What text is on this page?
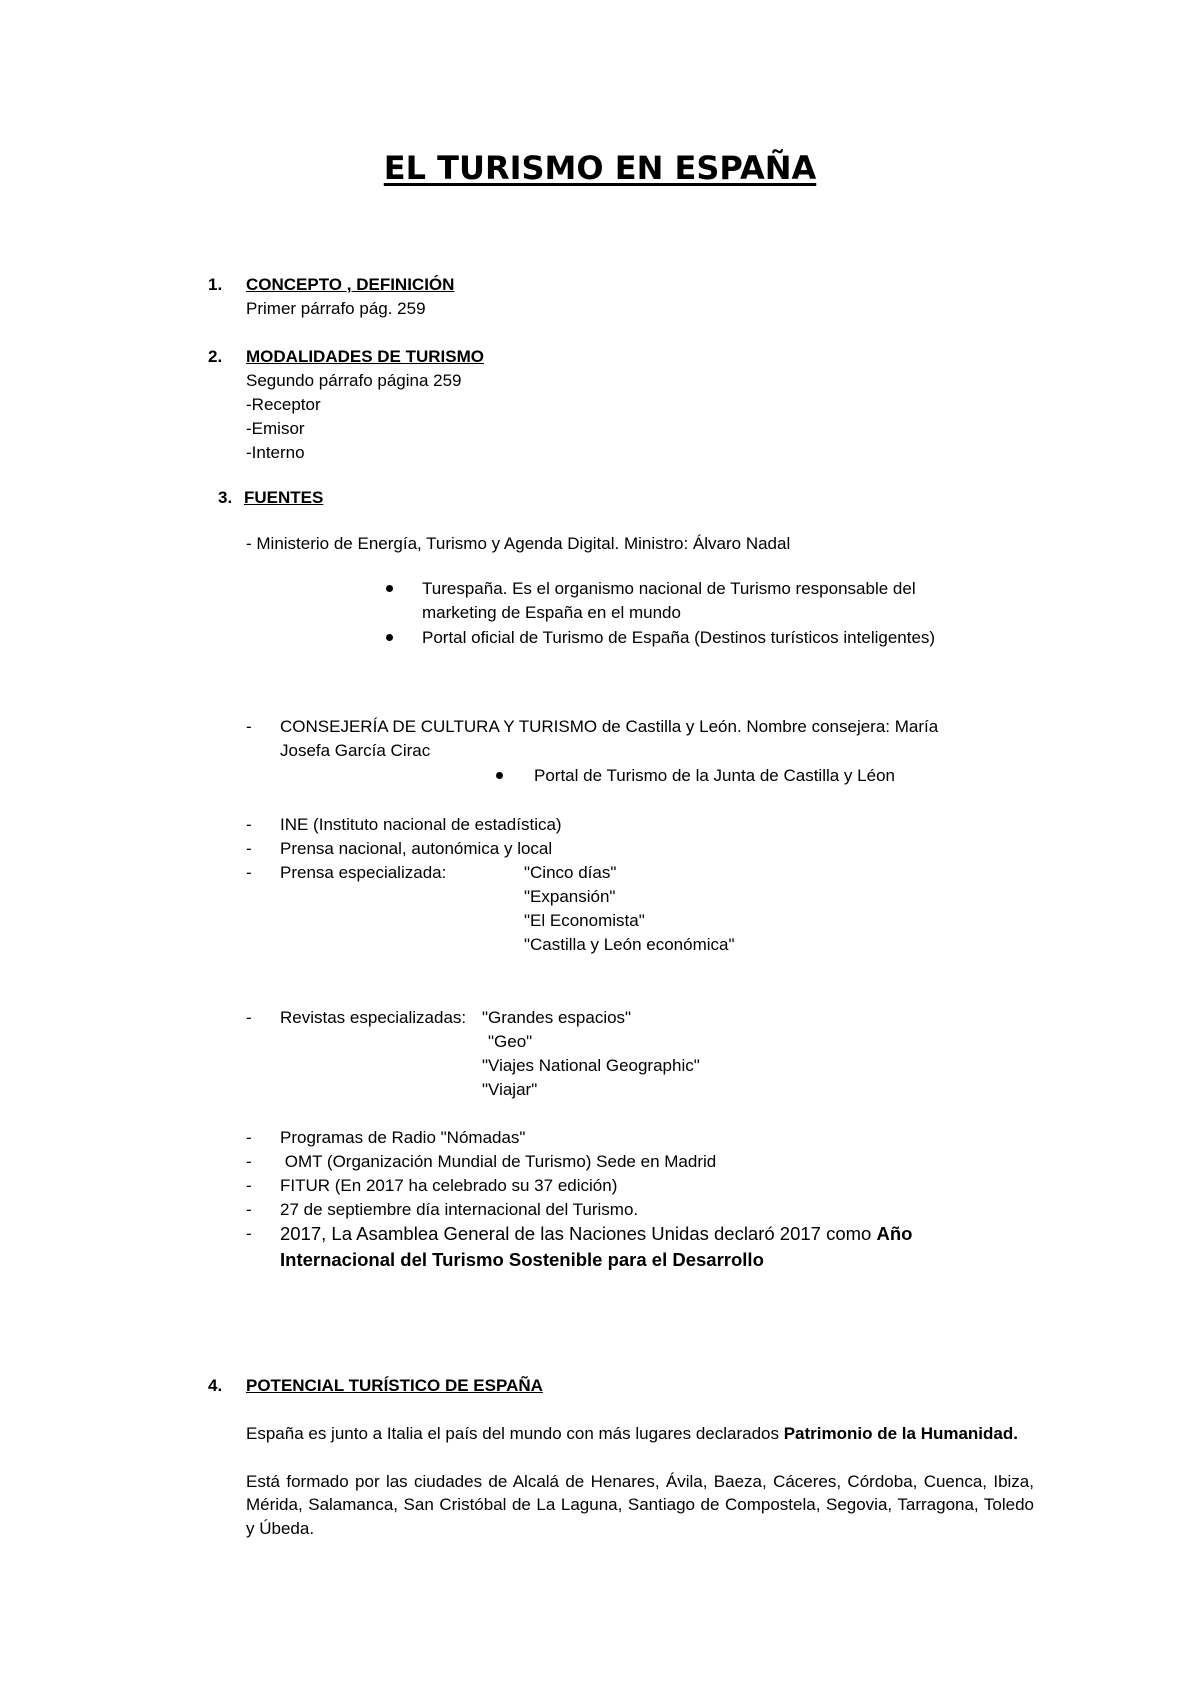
EL TURISMO EN ESPAÑA
1. CONCEPTO , DEFINICIÓN
Primer párrafo pág. 259
2. MODALIDADES DE TURISMO
Segundo párrafo página 259
-Receptor
-Emisor
-Interno
3. FUENTES
- Ministerio de Energía, Turismo y Agenda Digital. Ministro: Álvaro Nadal
Turespaña. Es el organismo nacional de Turismo responsable del
marketing de España en el mundo
Portal oficial de Turismo de España (Destinos turísticos inteligentes)
- CONSEJERÍA DE CULTURA Y TURISMO de Castilla y León. Nombre consejera: María
Josefa García Cirac
Portal de Turismo de la Junta de Castilla y Léon
- INE (Instituto nacional de estadística)
- Prensa nacional, autonómica y local
- Prensa especializada:	"Cinco días"
"Expansión"
"El Economista"
"Castilla y León económica"
- Revistas especializadas: "Grandes espacios"
"Geo"
"Viajes National Geographic"
"Viajar"
- Programas de Radio "Nómadas"
- OMT (Organización Mundial de Turismo) Sede en Madrid
- FITUR (En 2017 ha celebrado su 37 edición)
- 27 de septiembre día internacional del Turismo.
- 2017, La Asamblea General de las Naciones Unidas declaró 2017 como Año
Internacional del Turismo Sostenible para el Desarrollo
4. POTENCIAL TURÍSTICO DE ESPAÑA
España es junto a Italia el país del mundo con más lugares declarados Patrimonio de la Humanidad.
Está formado por las ciudades de Alcalá de Henares, Ávila, Baeza, Cáceres, Córdoba, Cuenca, Ibiza, Mérida, Salamanca, San Cristóbal de La Laguna, Santiago de Compostela, Segovia, Tarragona, Toledo y Úbeda.
